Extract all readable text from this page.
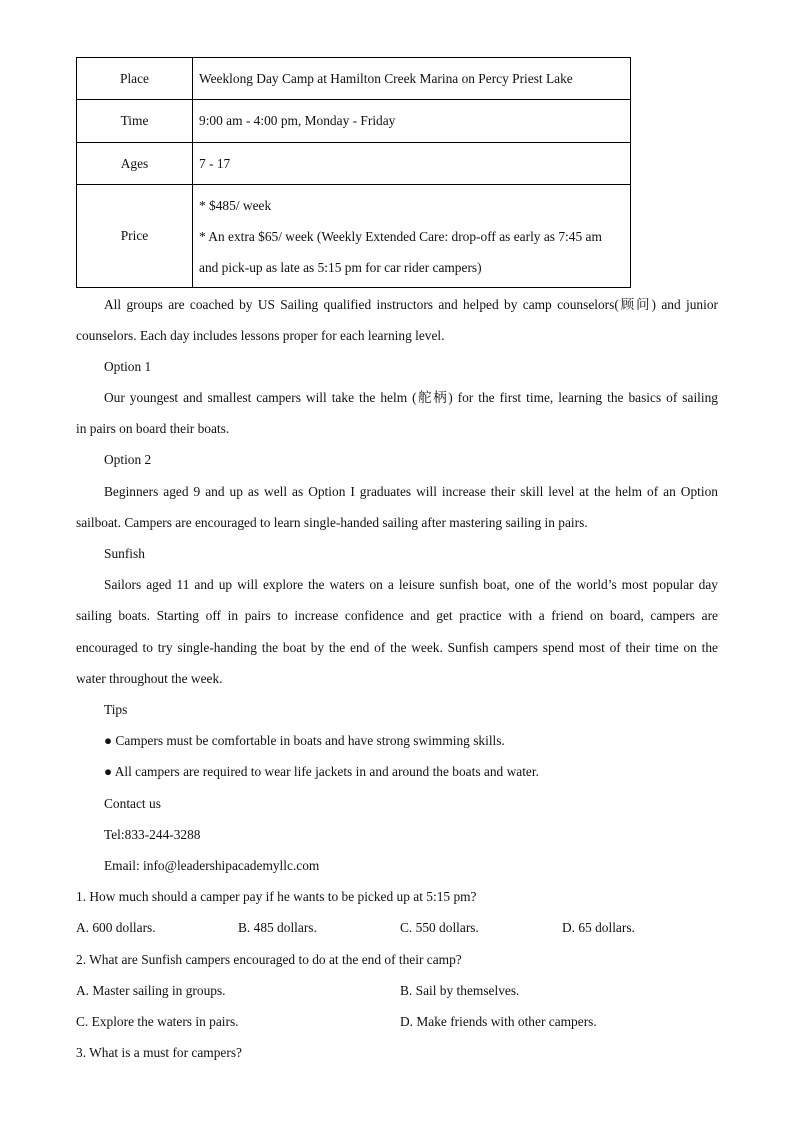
Place	Weeklong Day Camp at Hamilton Creek Marina on Percy Priest Lake
Time	9:00 am - 4:00 pm, Monday - Friday
Ages	7 - 17
Price	* $485/ week
* An extra $65/ week (Weekly Extended Care: drop-off as early as 7:45 am
and pick-up as late as 5:15 pm for car rider campers)
All groups are coached by US Sailing qualified instructors and helped by camp counselors(顾问) and junior
counselors. Each day includes lessons proper for each learning level.
Option 1
Our youngest and smallest campers will take the helm (舵柄) for the first time, learning the basics of sailing
in pairs on board their boats.
Option 2
Beginners aged 9 and up as well as Option I graduates will increase their skill level at the helm of an Option
sailboat. Campers are encouraged to learn single-handed sailing after mastering sailing in pairs.
Sunfish
Sailors aged 11 and up will explore the waters on a leisure sunfish boat, one of the world’s most popular day
sailing boats. Starting off in pairs to increase confidence and get practice with a friend on board, campers are
encouraged to try single-handing the boat by the end of the week. Sunfish campers spend most of their time on the
water throughout the week.
Tips
● Campers must be comfortable in boats and have strong swimming skills.
● All campers are required to wear life jackets in and around the boats and water.
Contact us
Tel:833-244-3288
Email: info@leadershipacademyllc.com
1. How much should a camper pay if he wants to be picked up at 5:15 pm?
A. 600 dollars.	B. 485 dollars.	C. 550 dollars.	D. 65 dollars.
2. What are Sunfish campers encouraged to do at the end of their camp?
A. Master sailing in groups.	B. Sail by themselves.
C. Explore the waters in pairs.	D. Make friends with other campers.
3. What is a must for campers?
